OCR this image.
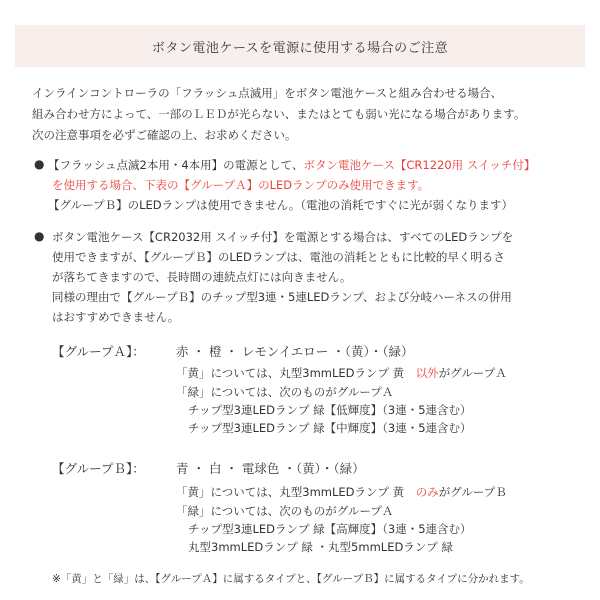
ボタン電池ケースを電源に使用する場合のご注意
インラインコントローラの「フラッシュ点滅用」をボタン電池ケースと組み合わせる場合、
組み合わせ方によって、一部のＬＥＤが光らない、またはとても弱い光になる場合があります。
次の注意事項を必ずご確認の上、お求めください。
● 【フラッシュ点滅2本用・4本用】の電源として、ボタン電池ケース【CR1220用 スイッチ付】
を使用する場合、下表の【グループＡ】のLEDランプのみ使用できます。
【グループＢ】のLEDランプは使用できません。（電池の消耗ですぐに光が弱くなります）
● ボタン電池ケース【CR2032用 スイッチ付】を電源とする場合は、すべてのLEDランプを
使用できますが、【グループＢ】のLEDランプは、電池の消耗とともに比較的早く明るさ
が落ちてきますので、長時間の連続点灯には向きません。
同様の理由で【グループＢ】のチップ型3連・5連LEDランプ、および分岐ハーネスの併用
はおすすめできません。
【グループＡ】： 赤 ・ 橙 ・ レモンイエロー ・（黄）・（緑）
「黄」については、丸型3mmLEDランプ 黄　以外がグループＡ
「緑」については、次のものがグループＡ
チップ型3連LEDランプ 緑【低輝度】（3連・5連含む）
チップ型3連LEDランプ 緑【中輝度】（3連・5連含む）
【グループＢ】： 青 ・ 白 ・ 電球色 ・（黄）・（緑）
「黄」については、丸型3mmLEDランプ 黄　のみがグループＢ
「緑」については、次のものがグループＡ
チップ型3連LEDランプ 緑【高輝度】（3連・5連含む）
丸型3mmLEDランプ 緑 ・丸型5mmLEDランプ 緑
※「黄」と「緑」は、【グループＡ】に属するタイプと、【グループＢ】に属するタイプに分かれます。
